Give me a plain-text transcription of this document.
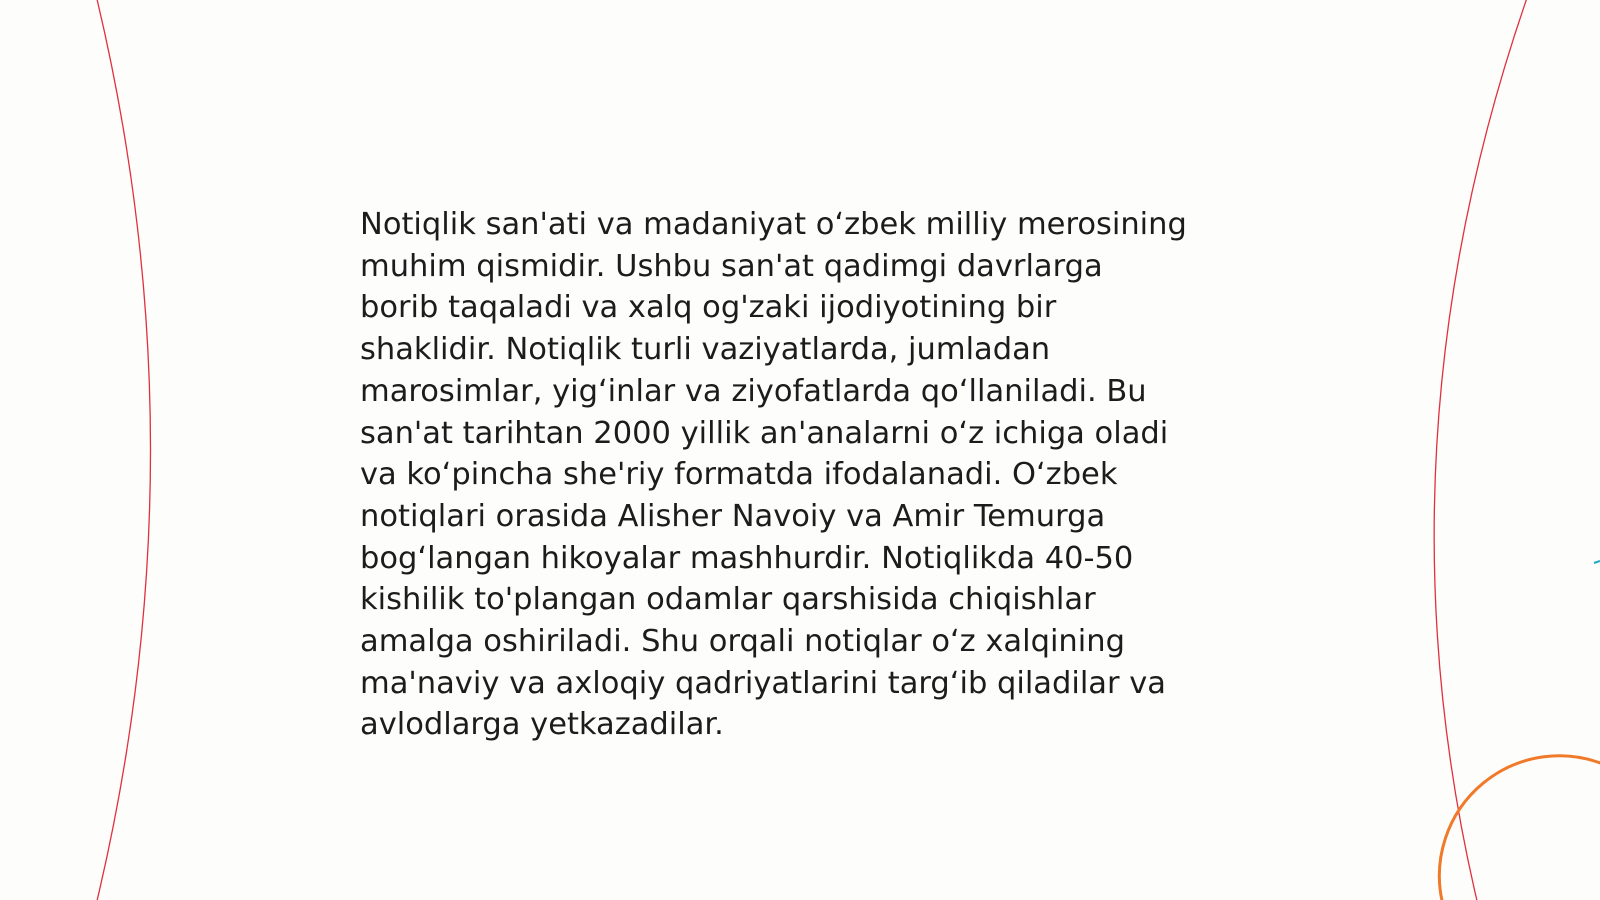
Notiqlik san'ati va madaniyat oʻzbek milliy merosining
muhim qismidir. Ushbu san'at qadimgi davrlarga
borib taqaladi va xalq og'zaki ijodiyotining bir
shaklidir. Notiqlik turli vaziyatlarda, jumladan
marosimlar, yigʻinlar va ziyofatlarda qoʻllaniladi. Bu
san'at tarihtan 2000 yillik an'analarni oʻz ichiga oladi
va koʻpincha she'riy formatda ifodalanadi. Oʻzbek
notiqlari orasida Alisher Navoiy va Amir Temurga
bogʻlangan hikoyalar mashhurdir. Notiqlikda 40-50
kishilik to'plangan odamlar qarshisida chiqishlar
amalga oshiriladi. Shu orqali notiqlar oʻz xalqining
ma'naviy va axloqiy qadriyatlarini targʻib qiladilar va
avlodlarga yetkazadilar.
